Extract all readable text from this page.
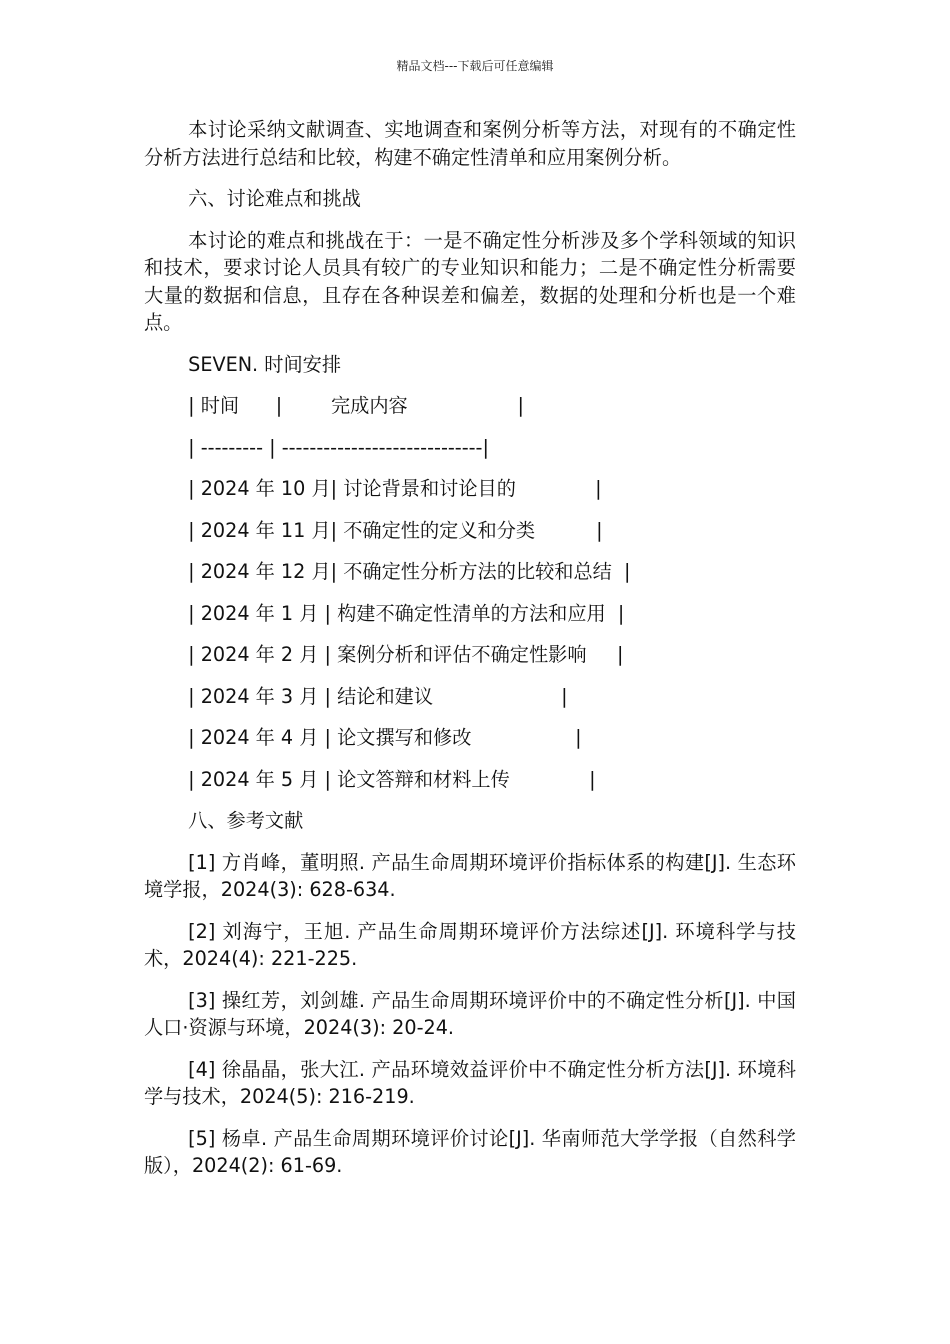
精品文档---下载后可任意编辑

本讨论采纳文献调查、实地调查和案例分析等方法，对现有的不确定性分析方法进行总结和比较，构建不确定性清单和应用案例分析。

六、讨论难点和挑战

本讨论的难点和挑战在于：一是不确定性分析涉及多个学科领域的知识和技术，要求讨论人员具有较广的专业知识和能力；二是不确定性分析需要大量的数据和信息，且存在各种误差和偏差，数据的处理和分析也是一个难点。

SEVEN. 时间安排

| 时间      |        完成内容                  |

| --------- | -----------------------------|

| 2024 年 10 月| 讨论背景和讨论目的             |

| 2024 年 11 月| 不确定性的定义和分类          |

| 2024 年 12 月| 不确定性分析方法的比较和总结  |

| 2024 年 1 月 | 构建不确定性清单的方法和应用  |

| 2024 年 2 月 | 案例分析和评估不确定性影响     |

| 2024 年 3 月 | 结论和建议                     |

| 2024 年 4 月 | 论文撰写和修改                 |

| 2024 年 5 月 | 论文答辩和材料上传             |

八、参考文献

[1] 方肖峰，董明照. 产品生命周期环境评价指标体系的构建[J]. 生态环境学报，2024(3): 628-634.

[2] 刘海宁，王旭. 产品生命周期环境评价方法综述[J]. 环境科学与技术，2024(4): 221-225.

[3] 操红芳，刘剑雄. 产品生命周期环境评价中的不确定性分析[J]. 中国人口·资源与环境，2024(3): 20-24.

[4] 徐晶晶，张大江. 产品环境效益评价中不确定性分析方法[J]. 环境科学与技术，2024(5): 216-219.

[5] 杨卓. 产品生命周期环境评价讨论[J]. 华南师范大学学报（自然科学版），2024(2): 61-69.
